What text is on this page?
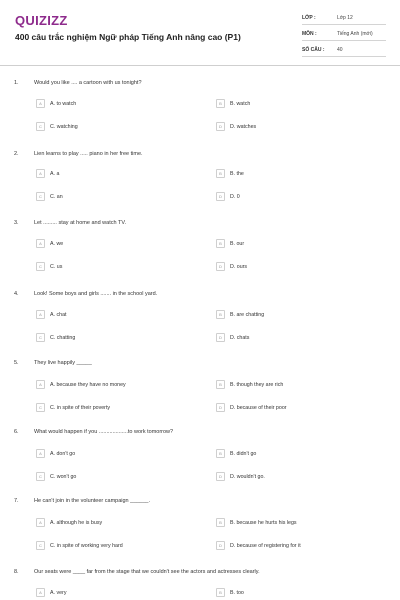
QUIZIZZ
400 câu trắc nghiệm Ngữ pháp Tiếng Anh nâng cao (P1)
LỚP :	Lớp 12
MÔN :	Tiếng Anh (mới)
SỐ CÂU :	40
1.	Would you like .... a cartoon with us tonight?
A	A. to watch	B	B. watch
C	C. watching	D	D. watches
2.	Lien learns to play ..... piano in her free time.
A	A. a	B	B. the
C	C. an	D	D. 0
3.	Let ......... stay at home and watch TV.
A	A. we	B	B. our
C	C. us	D	D. ours
4.	Look! Some boys and girls ....... in the school yard.
A	A. chat	B	B. are chatting
C	C. chatting	D	D. chats
5.	They live happily _____
A	A. because they have no money	B	B. though they are rich
C	C. in spite of their poverty	D	D. because of their poor
6.	What would happen if you ...................to work tomorrow?
A	A. don't go	B	B. didn't go
C	C. won't go	D	D. wouldn't go.
7.	He can't join in the volunteer campaign ______.
A	A. although he is busy	B	B. because he hurts his legs
C	C. in spite of working very hard	D	D. because of registering for it
8.	Our seats were ____ far from the stage that we couldn't see the actors and actresses clearly.
A	A. very	B	B. too
